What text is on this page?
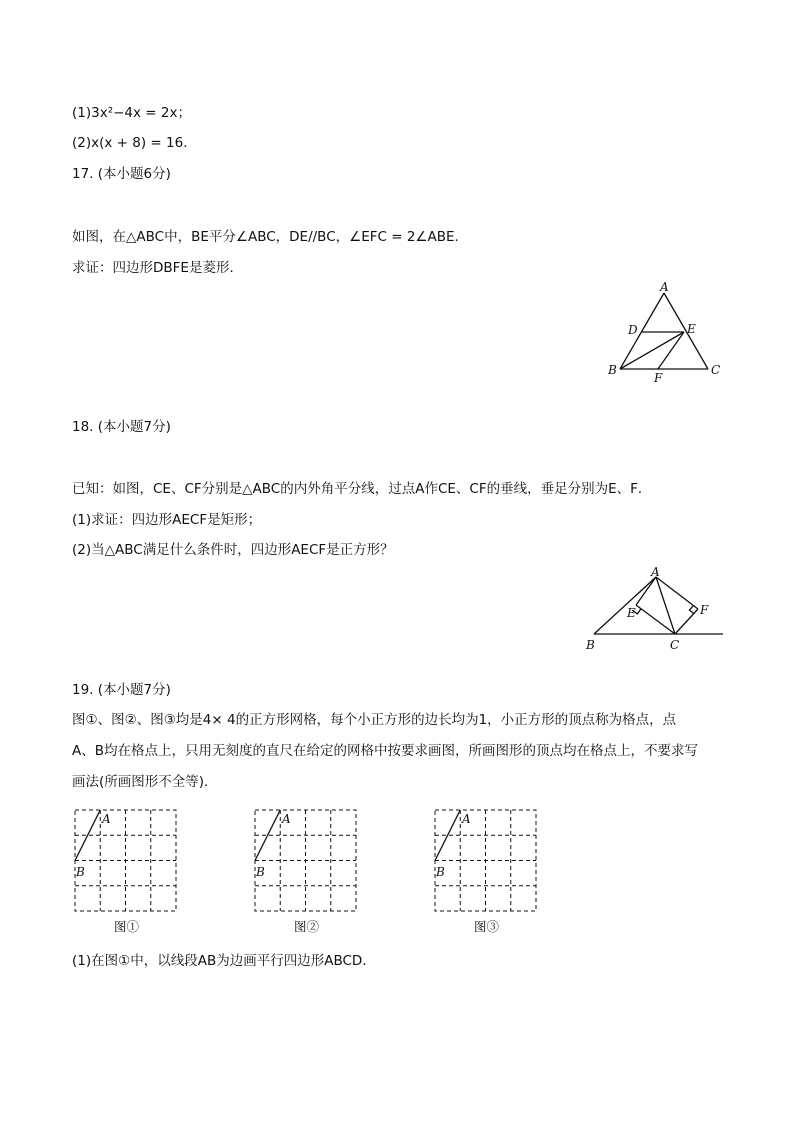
(1)3x²−4x = 2x；
(2)x(x + 8) = 16．
17. (本小题6分)
如图，在△ABC中，BE平分∠ABC，DE//BC，∠EFC = 2∠ABE．
求证：四边形DBFE是菱形．
A
D	E
B
F
C
18. (本小题7分)
已知：如图，CE、CF分别是△ABC的内外角平分线，过点A作CE、CF的垂线，垂足分别为E、F．
(1)求证：四边形AECF是矩形；
(2)当△ABC满足什么条件时，四边形AECF是正方形？
A
E	F
B	C
19. (本小题7分)
图①、图②、图③均是4× 4的正方形网格，每个小正方形的边长均为1，小正方形的顶点称为格点，点
A、B均在格点上，只用无刻度的直尺在给定的网格中按要求画图，所画图形的顶点均在格点上，不要求写
画法(所画图形不全等)．
A
B
图①
A
B
图②
A
B
图③
(1)在图①中，以线段AB为边画平行四边形ABCD．
